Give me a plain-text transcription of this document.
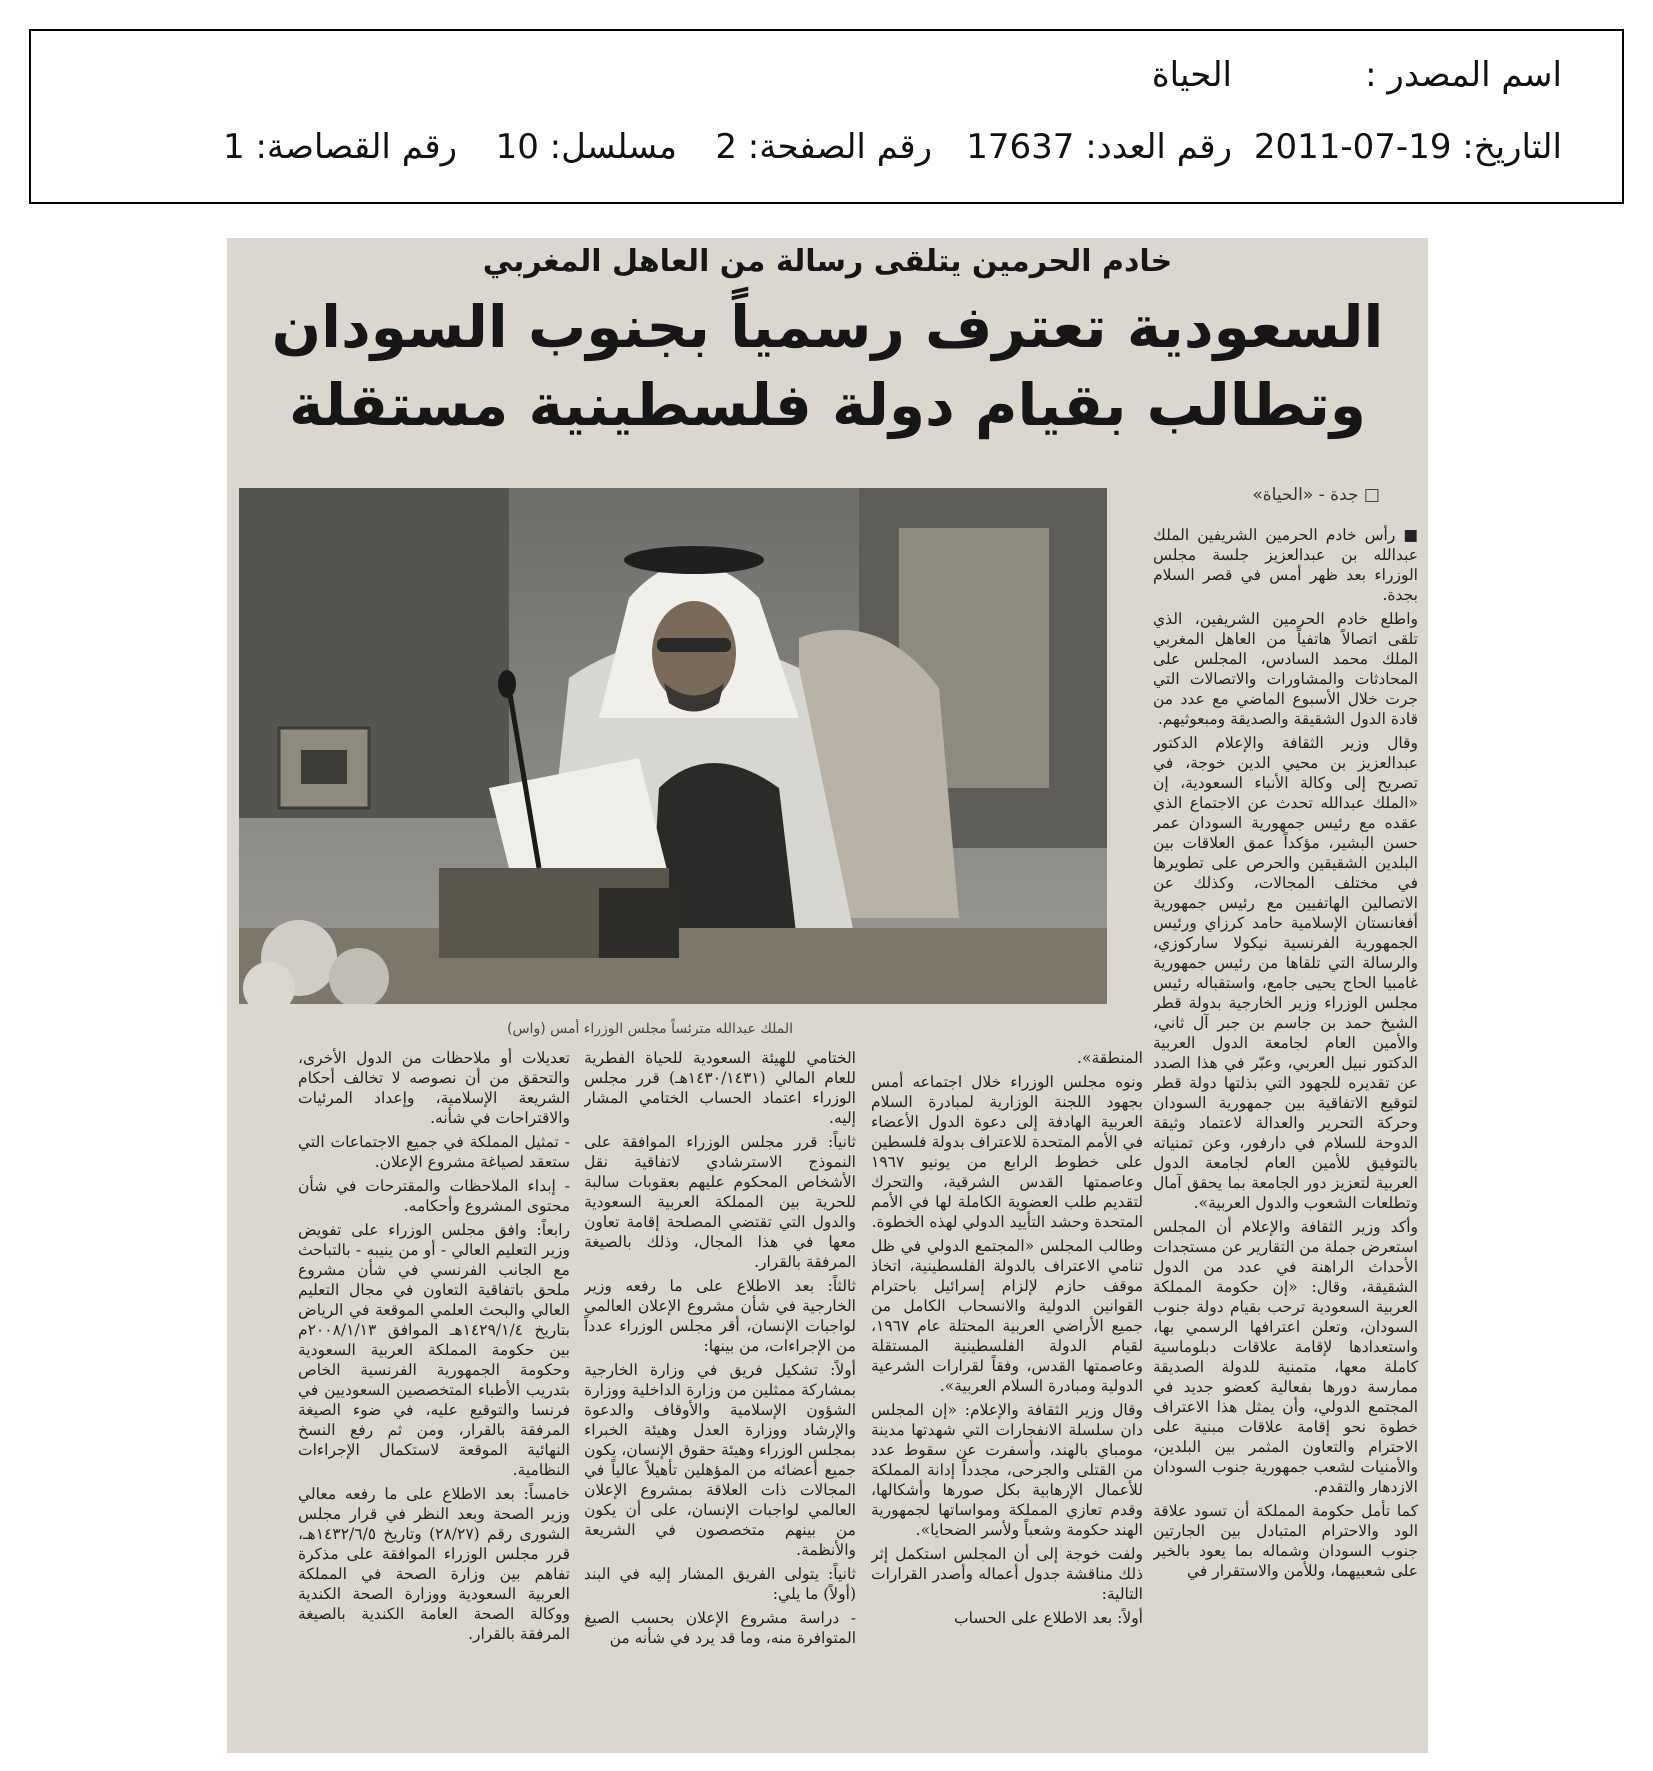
اسم المصدر :
الحياة
التاريخ: 19-07-2011
رقم العدد: 17637
رقم الصفحة: 2
مسلسل: 10
رقم القصاصة: 1
خادم الحرمين يتلقى رسالة من العاهل المغربي
السعودية تعترف رسمياً بجنوب السودان
وتطالب بقيام دولة فلسطينية مستقلة
□ جدة - «الحياة»
الملك عبدالله مترئساً مجلس الوزراء أمس (واس)

■ رأس خادم الحرمين الشريفين الملك عبدالله بن عبدالعزيز جلسة مجلس الوزراء بعد ظهر أمس في قصر السلام بجدة.

واطلع خادم الحرمين الشريفين، الذي تلقى اتصالاً هاتفياً من العاهل المغربي الملك محمد السادس، المجلس على المحادثات والمشاورات والاتصالات التي جرت خلال الأسبوع الماضي مع عدد من قادة الدول الشقيقة والصديقة ومبعوثيهم.

وقال وزير الثقافة والإعلام الدكتور عبدالعزيز بن محيي الدين خوجة، في تصريح إلى وكالة الأنباء السعودية، إن «الملك عبدالله تحدث عن الاجتماع الذي عقده مع رئيس جمهورية السودان عمر حسن البشير، مؤكداً عمق العلاقات بين البلدين الشقيقين والحرص على تطويرها في مختلف المجالات، وكذلك عن الاتصالين الهاتفيين مع رئيس جمهورية أفغانستان الإسلامية حامد كرزاي ورئيس الجمهورية الفرنسية نيكولا ساركوزي، والرسالة التي تلقاها من رئيس جمهورية غامبيا الحاج يحيى جامع، واستقباله رئيس مجلس الوزراء وزير الخارجية بدولة قطر الشيخ حمد بن جاسم بن جبر آل ثاني، والأمين العام لجامعة الدول العربية الدكتور نبيل العربي، وعبّر في هذا الصدد عن تقديره للجهود التي بذلتها دولة قطر لتوقيع الاتفاقية بين جمهورية السودان وحركة التحرير والعدالة لاعتماد وثيقة الدوحة للسلام في دارفور، وعن تمنياته بالتوفيق للأمين العام لجامعة الدول العربية لتعزيز دور الجامعة بما يحقق آمال وتطلعات الشعوب والدول العربية».

وأكد وزير الثقافة والإعلام أن المجلس استعرض جملة من التقارير عن مستجدات الأحداث الراهنة في عدد من الدول الشقيقة، وقال: «إن حكومة المملكة العربية السعودية ترحب بقيام دولة جنوب السودان، وتعلن اعترافها الرسمي بها، واستعدادها لإقامة علاقات دبلوماسية كاملة معها، متمنية للدولة الصديقة ممارسة دورها بفعالية كعضو جديد في المجتمع الدولي، وأن يمثل هذا الاعتراف خطوة نحو إقامة علاقات مبنية على الاحترام والتعاون المثمر بين البلدين، والأمنيات لشعب جمهورية جنوب السودان الازدهار والتقدم.

كما تأمل حكومة المملكة أن تسود علاقة الود والاحترام المتبادل بين الجارتين جنوب السودان وشماله بما يعود بالخير على شعبيهما، وللأمن والاستقرار في

المنطقة».

ونوه مجلس الوزراء خلال اجتماعه أمس بجهود اللجنة الوزارية لمبادرة السلام العربية الهادفة إلى دعوة الدول الأعضاء في الأمم المتحدة للاعتراف بدولة فلسطين على خطوط الرابع من يونيو ١٩٦٧ وعاصمتها القدس الشرقية، والتحرك لتقديم طلب العضوية الكاملة لها في الأمم المتحدة وحشد التأييد الدولي لهذه الخطوة.

وطالب المجلس «المجتمع الدولي في ظل تنامي الاعتراف بالدولة الفلسطينية، اتخاذ موقف حازم لإلزام إسرائيل باحترام القوانين الدولية والانسحاب الكامل من جميع الأراضي العربية المحتلة عام ١٩٦٧، لقيام الدولة الفلسطينية المستقلة وعاصمتها القدس، وفقاً لقرارات الشرعية الدولية ومبادرة السلام العربية».

وقال وزير الثقافة والإعلام: «إن المجلس دان سلسلة الانفجارات التي شهدتها مدينة مومباي بالهند، وأسفرت عن سقوط عدد من القتلى والجرحى، مجدداً إدانة المملكة للأعمال الإرهابية بكل صورها وأشكالها، وقدم تعازي المملكة ومواساتها لجمهورية الهند حكومة وشعباً ولأسر الضحايا».

ولفت خوجة إلى أن المجلس استكمل إثر ذلك مناقشة جدول أعماله وأصدر القرارات التالية:

أولاً: بعد الاطلاع على الحساب

الختامي للهيئة السعودية للحياة الفطرية للعام المالي (١٤٣٠/١٤٣١هـ) قرر مجلس الوزراء اعتماد الحساب الختامي المشار إليه.

ثانياً: قرر مجلس الوزراء الموافقة على النموذج الاسترشادي لاتفاقية نقل الأشخاص المحكوم عليهم بعقوبات سالبة للحرية بين المملكة العربية السعودية والدول التي تقتضي المصلحة إقامة تعاون معها في هذا المجال، وذلك بالصيغة المرفقة بالقرار.

ثالثاً: بعد الاطلاع على ما رفعه وزير الخارجية في شأن مشروع الإعلان العالمي لواجبات الإنسان، أقر مجلس الوزراء عدداً من الإجراءات، من بينها:

أولاً: تشكيل فريق في وزارة الخارجية بمشاركة ممثلين من وزارة الداخلية ووزارة الشؤون الإسلامية والأوقاف والدعوة والإرشاد ووزارة العدل وهيئة الخبراء بمجلس الوزراء وهيئة حقوق الإنسان، يكون جميع أعضائه من المؤهلين تأهيلاً عالياً في المجالات ذات العلاقة بمشروع الإعلان العالمي لواجبات الإنسان، على أن يكون من بينهم متخصصون في الشريعة والأنظمة.

ثانياً: يتولى الفريق المشار إليه في البند (أولاً) ما يلي:

- دراسة مشروع الإعلان بحسب الصيغ المتوافرة منه، وما قد يرد في شأنه من

تعديلات أو ملاحظات من الدول الأخرى، والتحقق من أن نصوصه لا تخالف أحكام الشريعة الإسلامية، وإعداد المرئيات والاقتراحات في شأنه.

- تمثيل المملكة في جميع الاجتماعات التي ستعقد لصياغة مشروع الإعلان.

- إبداء الملاحظات والمقترحات في شأن محتوى المشروع وأحكامه.

رابعاً: وافق مجلس الوزراء على تفويض وزير التعليم العالي - أو من ينيبه - بالتباحث مع الجانب الفرنسي في شأن مشروع ملحق باتفاقية التعاون في مجال التعليم العالي والبحث العلمي الموقعة في الرياض بتاريخ ١٤٢٩/١/٤هـ الموافق ٢٠٠٨/١/١٣م بين حكومة المملكة العربية السعودية وحكومة الجمهورية الفرنسية الخاص بتدريب الأطباء المتخصصين السعوديين في فرنسا والتوقيع عليه، في ضوء الصيغة المرفقة بالقرار، ومن ثم رفع النسخ النهائية الموقعة لاستكمال الإجراءات النظامية.

خامساً: بعد الاطلاع على ما رفعه معالي وزير الصحة وبعد النظر في قرار مجلس الشورى رقم (٢٨/٢٧) وتاريخ ١٤٣٢/٦/٥هـ، قرر مجلس الوزراء الموافقة على مذكرة تفاهم بين وزارة الصحة في المملكة العربية السعودية ووزارة الصحة الكندية ووكالة الصحة العامة الكندية بالصيغة المرفقة بالقرار.
